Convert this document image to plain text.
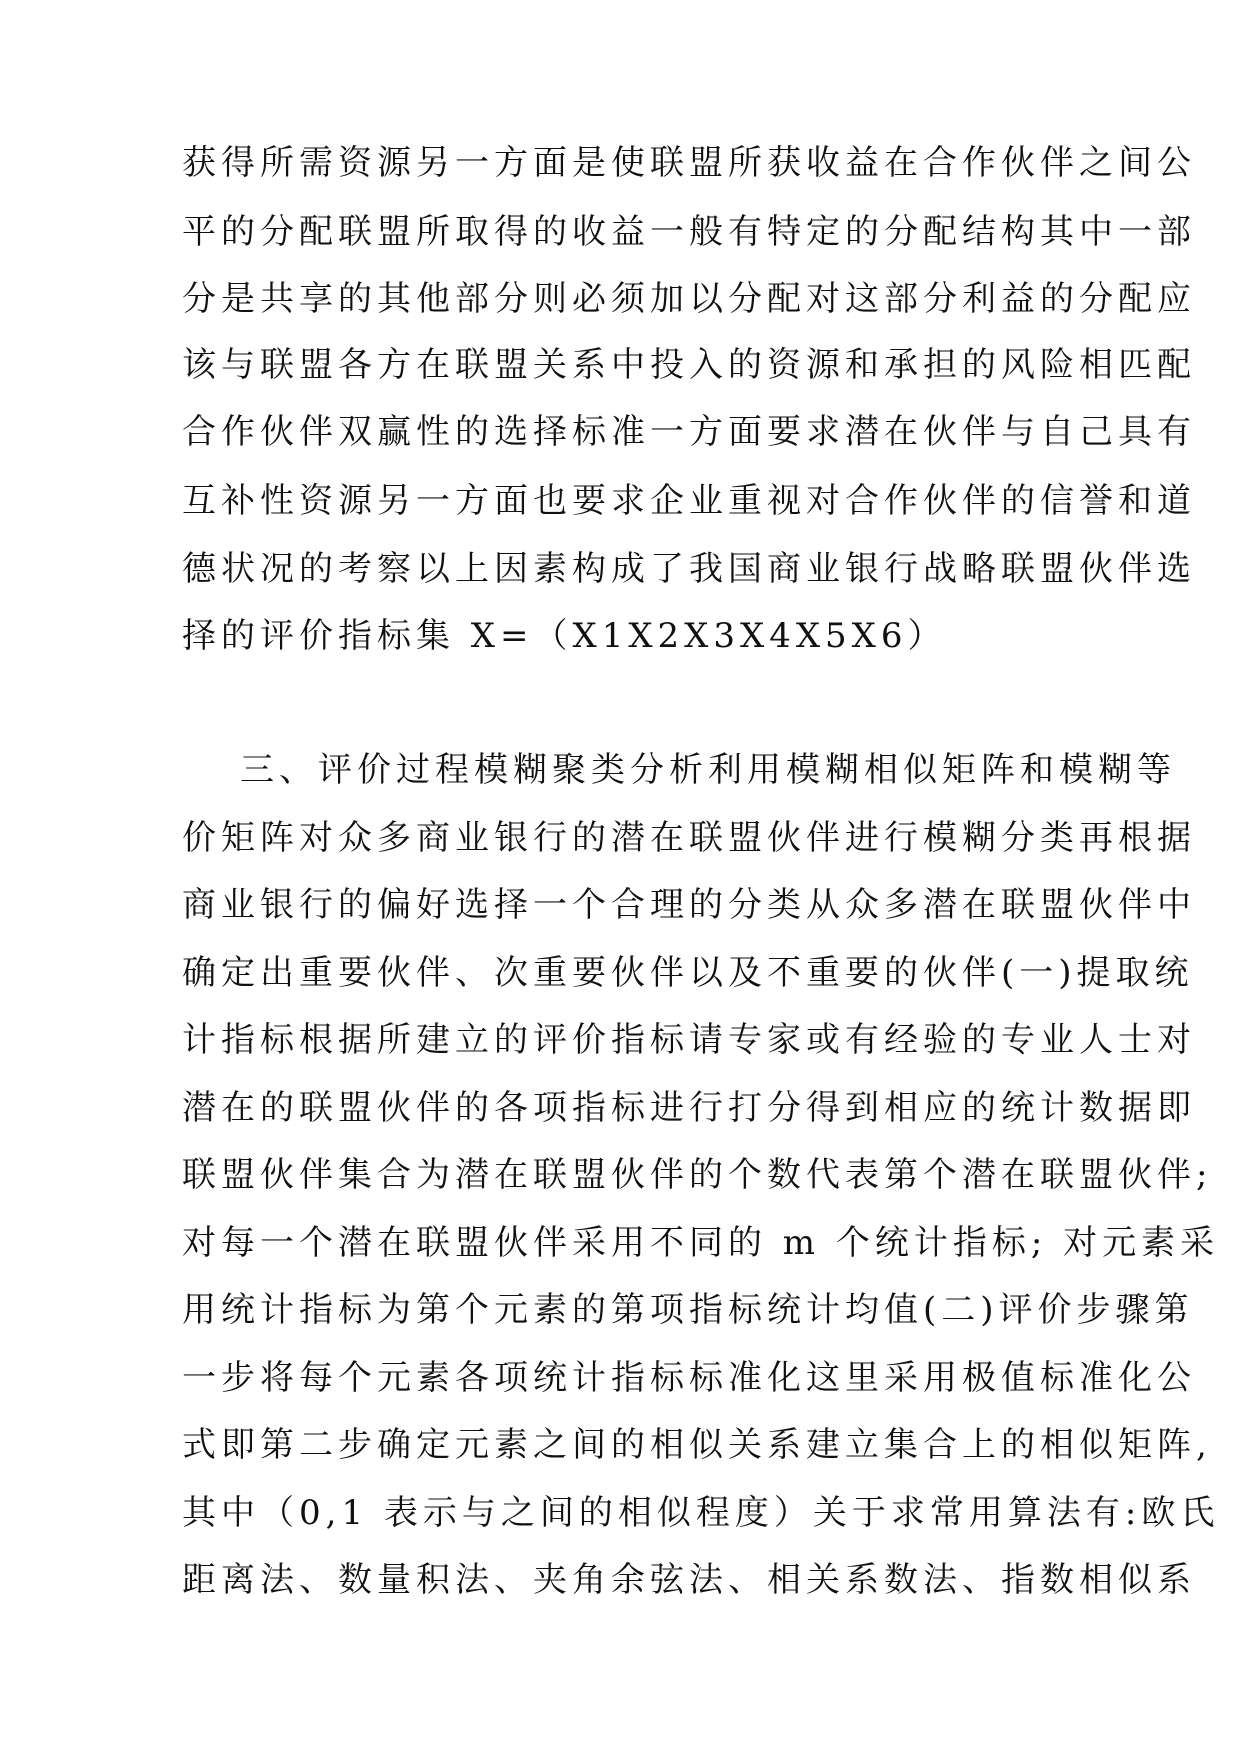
获得所需资源另一方面是使联盟所获收益在合作伙伴之间公
平的分配联盟所取得的收益一般有特定的分配结构其中一部
分是共享的其他部分则必须加以分配对这部分利益的分配应
该与联盟各方在联盟关系中投入的资源和承担的风险相匹配
合作伙伴双赢性的选择标准一方面要求潜在伙伴与自己具有
互补性资源另一方面也要求企业重视对合作伙伴的信誉和道
德状况的考察以上因素构成了我国商业银行战略联盟伙伴选
择的评价指标集 X=（X1X2X3X4X5X6）
三、评价过程模糊聚类分析利用模糊相似矩阵和模糊等
价矩阵对众多商业银行的潜在联盟伙伴进行模糊分类再根据
商业银行的偏好选择一个合理的分类从众多潜在联盟伙伴中
确定出重要伙伴、次重要伙伴以及不重要的伙伴(一)提取统
计指标根据所建立的评价指标请专家或有经验的专业人士对
潜在的联盟伙伴的各项指标进行打分得到相应的统计数据即
联盟伙伴集合为潜在联盟伙伴的个数代表第个潜在联盟伙伴;
对每一个潜在联盟伙伴采用不同的 m 个统计指标; 对元素采
用统计指标为第个元素的第项指标统计均值(二)评价步骤第
一步将每个元素各项统计指标标准化这里采用极值标准化公
式即第二步确定元素之间的相似关系建立集合上的相似矩阵,
其中（0,1 表示与之间的相似程度）关于求常用算法有:欧氏
距离法、数量积法、夹角余弦法、相关系数法、指数相似系
